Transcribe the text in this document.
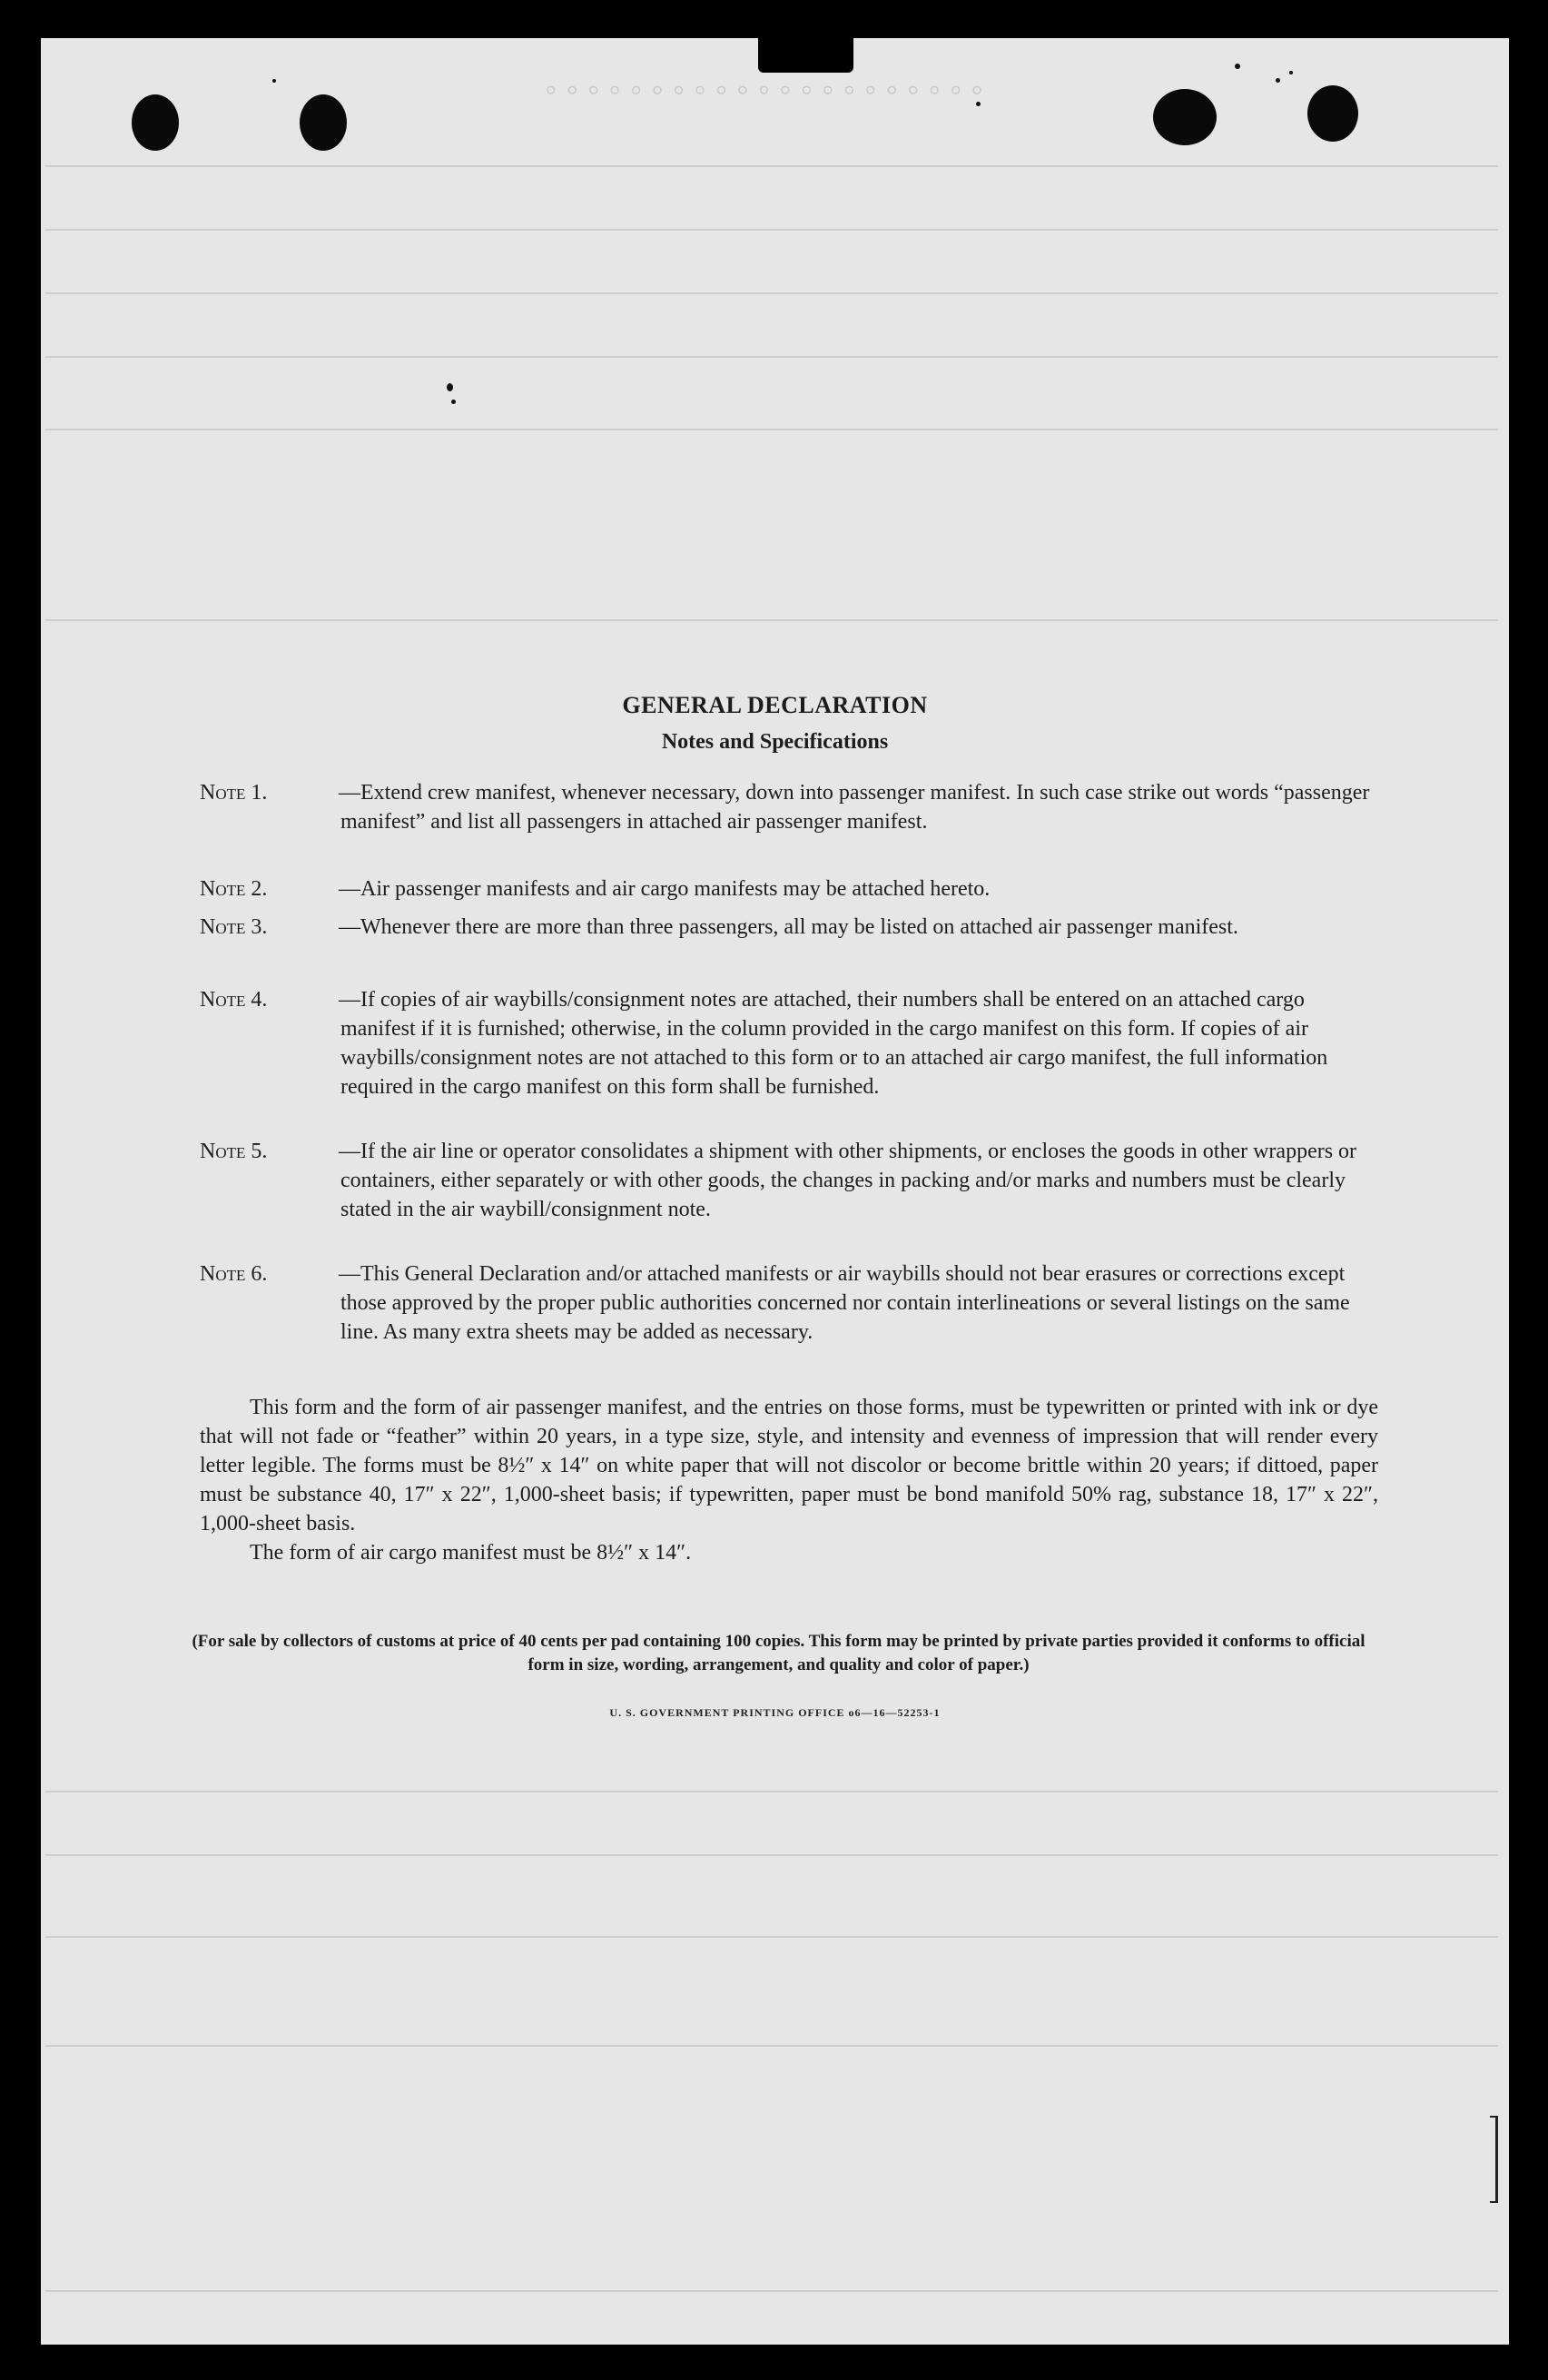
◦◦◦◦◦◦◦◦◦◦◦◦◦◦◦◦◦◦◦◦◦
GENERAL DECLARATION
Notes and Specifications
Note 1.	—Extend crew manifest, whenever necessary, down into passenger manifest. In such case strike out words “passenger manifest” and list all passengers in attached air passenger manifest.
Note 2.	—Air passenger manifests and air cargo manifests may be attached hereto.
Note 3.	—Whenever there are more than three passengers, all may be listed on attached air passenger manifest.
Note 4.	—If copies of air waybills/consignment notes are attached, their numbers shall be entered on an attached cargo manifest if it is furnished; otherwise, in the column provided in the cargo manifest on this form. If copies of air waybills/consignment notes are not attached to this form or to an attached air cargo manifest, the full information required in the cargo manifest on this form shall be furnished.
Note 5.	—If the air line or operator consolidates a shipment with other shipments, or encloses the goods in other wrappers or containers, either separately or with other goods, the changes in packing and/or marks and numbers must be clearly stated in the air waybill/consignment note.
Note 6.	—This General Declaration and/or attached manifests or air waybills should not bear erasures or corrections except those approved by the proper public authorities concerned nor contain interlineations or several listings on the same line. As many extra sheets may be added as necessary.

This form and the form of air passenger manifest, and the entries on those forms, must be typewritten or printed with ink or dye that will not fade or “feather” within 20 years, in a type size, style, and intensity and evenness of impression that will render every letter legible. The forms must be 8½″ x 14″ on white paper that will not discolor or become brittle within 20 years; if dittoed, paper must be substance 40, 17″ x 22″, 1,000-sheet basis; if typewritten, paper must be bond manifold 50% rag, substance 18, 17″ x 22″, 1,000-sheet basis.

The form of air cargo manifest must be 8½″ x 14″.

(For sale by collectors of customs at price of 40 cents per pad containing 100 copies. This form may be printed by private parties provided it conforms to official form in size, wording, arrangement, and quality and color of paper.)
U. S. GOVERNMENT PRINTING OFFICE o6—16—52253-1
